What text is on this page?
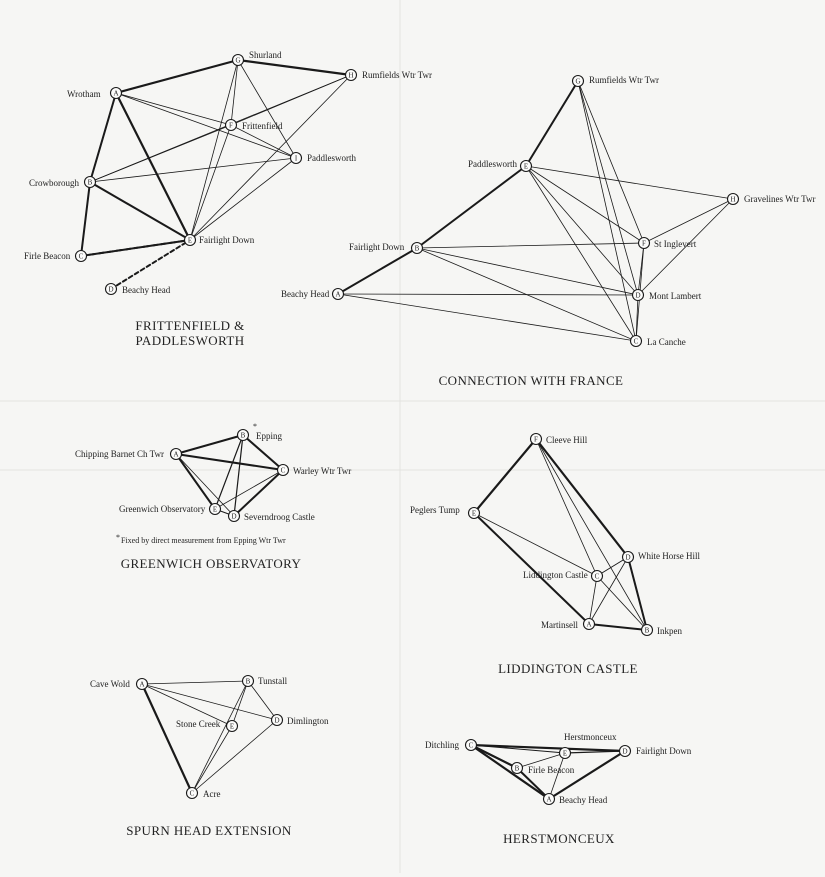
A
Wrotham
B
Crowborough
C
Firle Beacon
D Beachy Head
E Fairlight Down
F Frittenfield
G
Shurland
H Rumfields Wtr Twr
I Paddlesworth
FRITTENFIELD &
PADDLESWORTH
A
Beachy Head
B
Fairlight Down
C La Canche
D Mont Lambert
E
Paddlesworth
F St Inglevert
G Rumfields Wtr Twr
H Gravelines Wtr Twr
CONNECTION WITH FRANCE
A
Chipping Barnet Ch Twr
B Epping
C Warley Wtr Twr
D Severndroog Castle
E
Greenwich Observatory
GREENWICH OBSERVATORY
*
* Fixed by direct measurement from Epping Wtr Twr
A
Martinsell
B Inkpen
C
Liddington Castle
D White Horse Hill
E
Peglers Tump
F Cleeve Hill
LIDDINGTON CASTLE
A
Cave Wold	B Tunstall
C Acre
D Dimlington
E
Stone Creek
SPURN HEAD EXTENSION
A Beachy Head
B Firle Beacon
C
Ditchling
D Fairlight Down
E
Herstmonceux
HERSTMONCEUX
